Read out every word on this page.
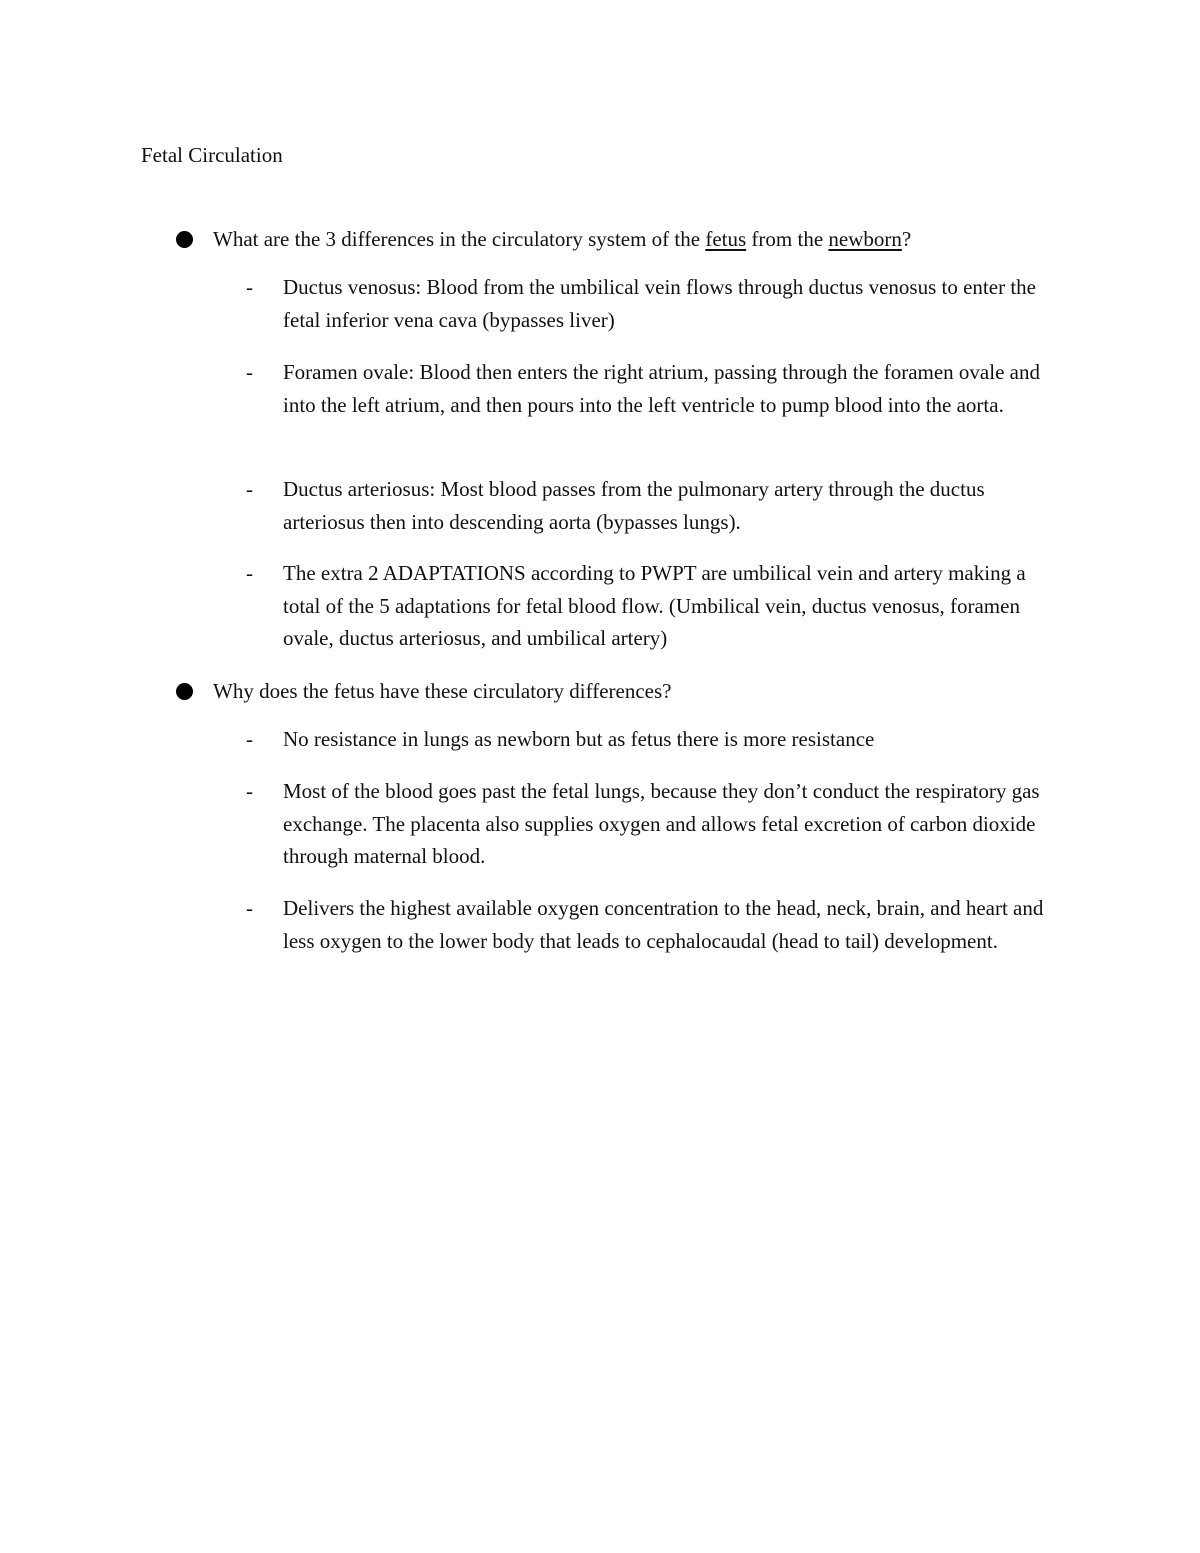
Fetal Circulation
What are the 3 differences in the circulatory system of the fetus from the newborn?
- Ductus venosus: Blood from the umbilical vein flows through ductus venosus to enter the fetal inferior vena cava (bypasses liver)
- Foramen ovale: Blood then enters the right atrium, passing through the foramen ovale and into the left atrium, and then pours into the left ventricle to pump blood into the aorta.
- Ductus arteriosus: Most blood passes from the pulmonary artery through the ductus arteriosus then into descending aorta (bypasses lungs).
- The extra 2 ADAPTATIONS according to PWPT are umbilical vein and artery making a total of the 5 adaptations for fetal blood flow. (Umbilical vein, ductus venosus, foramen ovale, ductus arteriosus, and umbilical artery)
Why does the fetus have these circulatory differences?
- No resistance in lungs as newborn but as fetus there is more resistance
- Most of the blood goes past the fetal lungs, because they don’t conduct the respiratory gas exchange. The placenta also supplies oxygen and allows fetal excretion of carbon dioxide through maternal blood.
- Delivers the highest available oxygen concentration to the head, neck, brain, and heart and less oxygen to the lower body that leads to cephalocaudal (head to tail) development.
